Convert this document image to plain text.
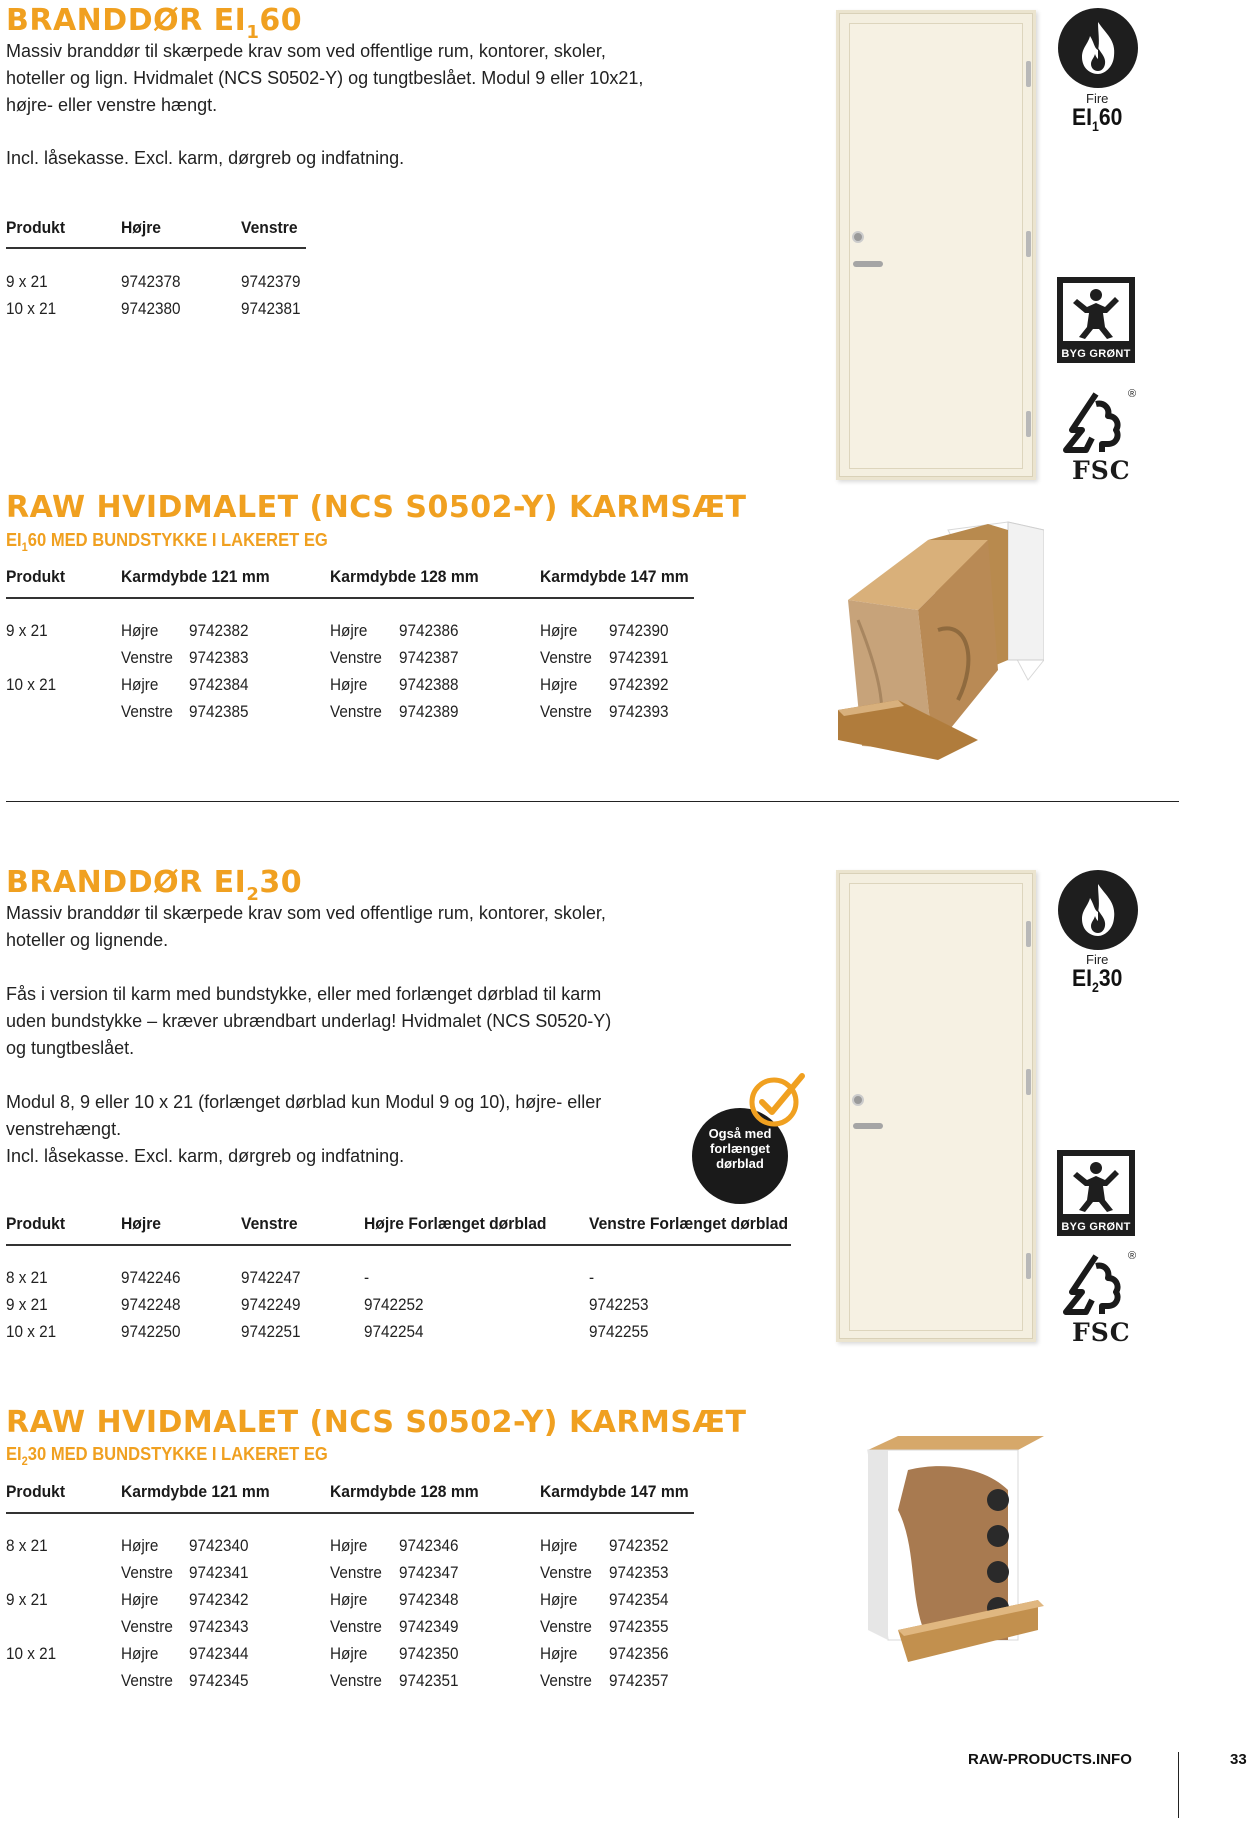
BRANDDØR $EI_160$
Massiv branddør til skærpede krav som ved offentlige rum, kontorer, skoler,
hoteller og lign. Hvidmalet (NCS S0502-Y) og tungtbeslået. Modul 9 eller 10x21,
højre- eller venstre hængt.
Incl. låsekasse. Excl. karm, dørgreb og indfatning.
Produkt	Højre	Venstre
9 x 21	9742378	9742379
10 x 21	9742380	9742381
Fire
$EI_160$
BYG GRØNT
®
FSC
RAW HVIDMALET (NCS S0502-Y) KARMSÆT
$EI_160$ MED BUNDSTYKKE I LAKERET EG
Produkt	Karmdybde 121 mm	Karmdybde 128 mm	Karmdybde 147 mm
9 x 21	Højre 9742382	Højre 9742386	Højre 9742390
Venstre 9742383	Venstre 9742387	Venstre 9742391
10 x 21	Højre 9742384	Højre 9742388	Højre 9742392
Venstre 9742385	Venstre 9742389	Venstre 9742393
BRANDDØR $EI_230$
Massiv branddør til skærpede krav som ved offentlige rum, kontorer, skoler,
hoteller og lignende.
Fås i version til karm med bundstykke, eller med forlænget dørblad til karm
uden bundstykke – kræver ubrændbart underlag! Hvidmalet (NCS S0520-Y)
og tungtbeslået.
Modul 8, 9 eller 10 x 21 (forlænget dørblad kun Modul 9 og 10), højre- eller
venstrehængt.
Incl. låsekasse. Excl. karm, dørgreb og indfatning.
Også med
forlænget
dørblad
Produkt	Højre	Venstre	Højre Forlænget dørblad	Venstre Forlænget dørblad
8 x 21	9742246	9742247	-	-
9 x 21	9742248	9742249	9742252	9742253
10 x 21	9742250	9742251	9742254	9742255
Fire
$EI_230$
BYG GRØNT
®
FSC
RAW HVIDMALET (NCS S0502-Y) KARMSÆT
$EI_230$ MED BUNDSTYKKE I LAKERET EG
Produkt	Karmdybde 121 mm	Karmdybde 128 mm	Karmdybde 147 mm
8 x 21	Højre 9742340	Højre 9742346	Højre 9742352
Venstre 9742341	Venstre 9742347	Venstre 9742353
9 x 21	Højre 9742342	Højre 9742348	Højre 9742354
Venstre 9742343	Venstre 9742349	Venstre 9742355
10 x 21	Højre 9742344	Højre 9742350	Højre 9742356
Venstre 9742345	Venstre 9742351	Venstre 9742357
RAW-PRODUCTS.INFO	33
